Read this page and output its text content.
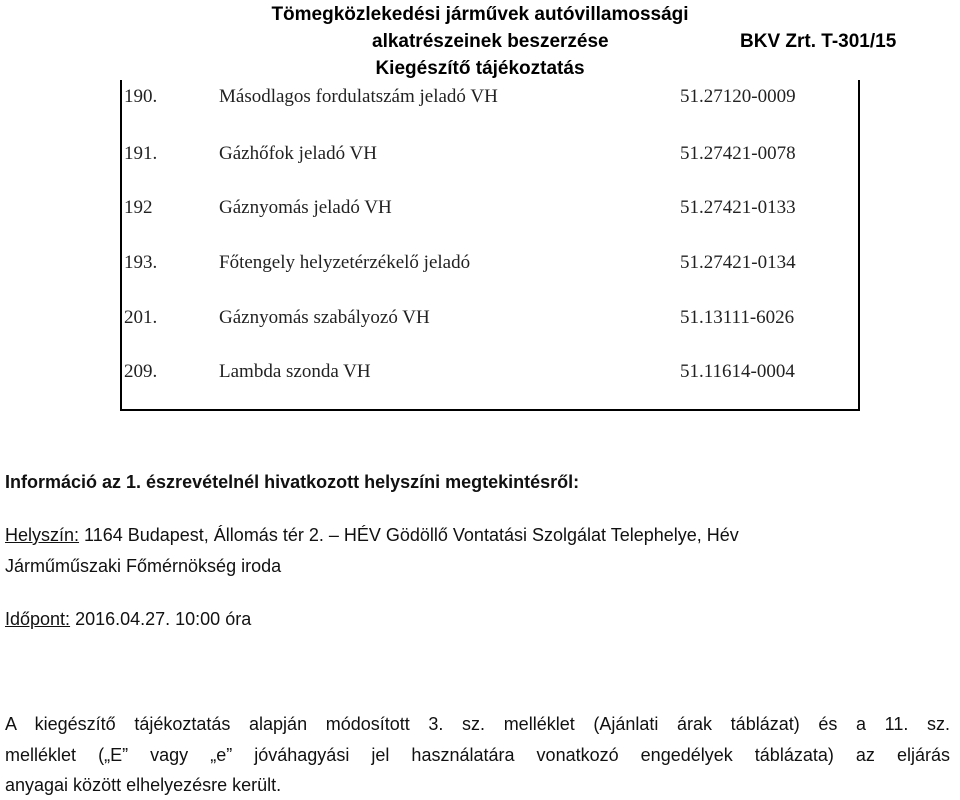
Tömegközlekedési járművek autóvillamossági
alkatrészeinek beszerzése	BKV Zrt. T-301/15
Kiegészítő tájékoztatás
190.	Másodlagos fordulatszám jeladó VH	51.27120-0009
191.	Gázhőfok jeladó VH	51.27421-0078
192	Gáznyomás jeladó VH	51.27421-0133
193.	Főtengely helyzetérzékelő jeladó	51.27421-0134
201.	Gáznyomás szabályozó VH	51.13111-6026
209.	Lambda szonda VH	51.11614-0004
Információ az 1. észrevételnél hivatkozott helyszíni megtekintésről:
Helyszín: 1164 Budapest, Állomás tér 2. – HÉV Gödöllő Vontatási Szolgálat Telephelye, Hév
Járműműszaki Főmérnökség iroda
Időpont: 2016.04.27. 10:00 óra
A kiegészítő tájékoztatás alapján módosított 3. sz. melléklet (Ajánlati árak táblázat) és a 11. sz.
melléklet („E” vagy „e” jóváhagyási jel használatára vonatkozó engedélyek táblázata) az eljárás
anyagai között elhelyezésre került.
